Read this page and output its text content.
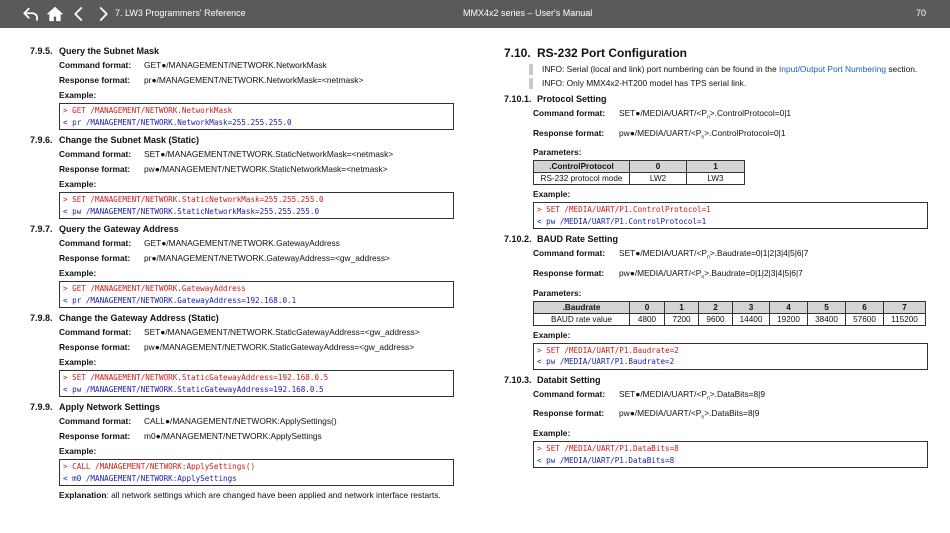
7. LW3 Programmers' Reference	MMX4x2 series – User's Manual	70
7.9.5. Query the Subnet Mask
Command format:	GET●/MANAGEMENT/NETWORK.NetworkMask
Response format:	pr●/MANAGEMENT/NETWORK.NetworkMask=<netmask>
Example:
> GET /MANAGEMENT/NETWORK.NetworkMask
< pr /MANAGEMENT/NETWORK.NetworkMask=255.255.255.0
7.9.6. Change the Subnet Mask (Static)
Command format:	SET●/MANAGEMENT/NETWORK.StaticNetworkMask=<netmask>
Response format:	pw●/MANAGEMENT/NETWORK.StaticNetworkMask=<netmask>
Example:
> SET /MANAGEMENT/NETWORK.StaticNetworkMask=255.255.255.0
< pw /MANAGEMENT/NETWORK.StaticNetworkMask=255.255.255.0
7.9.7. Query the Gateway Address
Command format:	GET●/MANAGEMENT/NETWORK.GatewayAddress
Response format:	pr●/MANAGEMENT/NETWORK.GatewayAddress=<gw_address>
Example:
> GET /MANAGEMENT/NETWORK.GatewayAddress
< pr /MANAGEMENT/NETWORK.GatewayAddress=192.168.0.1
7.9.8. Change the Gateway Address (Static)
Command format:	SET●/MANAGEMENT/NETWORK.StaticGatewayAddress=<gw_address>
Response format:	pw●/MANAGEMENT/NETWORK.StaticGatewayAddress=<gw_address>
Example:
> SET /MANAGEMENT/NETWORK.StaticGatewayAddress=192.168.0.5
< pw /MANAGEMENT/NETWORK.StaticGatewayAddress=192.168.0.5
7.9.9. Apply Network Settings
Command format:	CALL●/MANAGEMENT/NETWORK:ApplySettings()
Response format:	m0●/MANAGEMENT/NETWORK:ApplySettings
Example:
> CALL /MANAGEMENT/NETWORK:ApplySettings()
< m0 /MANAGEMENT/NETWORK:ApplySettings
Explanation: all network settings which are changed have been applied and network interface restarts.
7.10. RS-232 Port Configuration
INFO: Serial (local and link) port numbering can be found in the Input/Output Port Numbering section.
INFO: Only MMX4x2-HT200 model has TPS serial link.
7.10.1. Protocol Setting
Command format:	$SET●/MEDIA/UART/<P_n>.ControlProtocol=0|1$
Response format:	$pw●/MEDIA/UART/<P_n>.ControlProtocol=0|1$
Parameters:
.ControlProtocol	0	1
RS-232 protocol mode	LW2	LW3
Example:
> SET /MEDIA/UART/P1.ControlProtocol=1
< pw /MEDIA/UART/P1.ControlProtocol=1
7.10.2. BAUD Rate Setting
Command format:	$SET●/MEDIA/UART/<P_n>.Baudrate=0|1|2|3|4|5|6|7$
Response format:	$pw●/MEDIA/UART/<P_n>.Baudrate=0|1|2|3|4|5|6|7$
Parameters:
.Baudrate	0	1	2	3	4	5	6	7
BAUD rate value	4800	7200	9600	14400	19200	38400	57600	115200
Example:
> SET /MEDIA/UART/P1.Baudrate=2
< pw /MEDIA/UART/P1.Baudrate=2
7.10.3. Databit Setting
Command format:	$SET●/MEDIA/UART/<P_n>.DataBits=8|9$
Response format:	$pw●/MEDIA/UART/<P_n>.DataBits=8|9$
Example:
> SET /MEDIA/UART/P1.DataBits=8
< pw /MEDIA/UART/P1.DataBits=8
